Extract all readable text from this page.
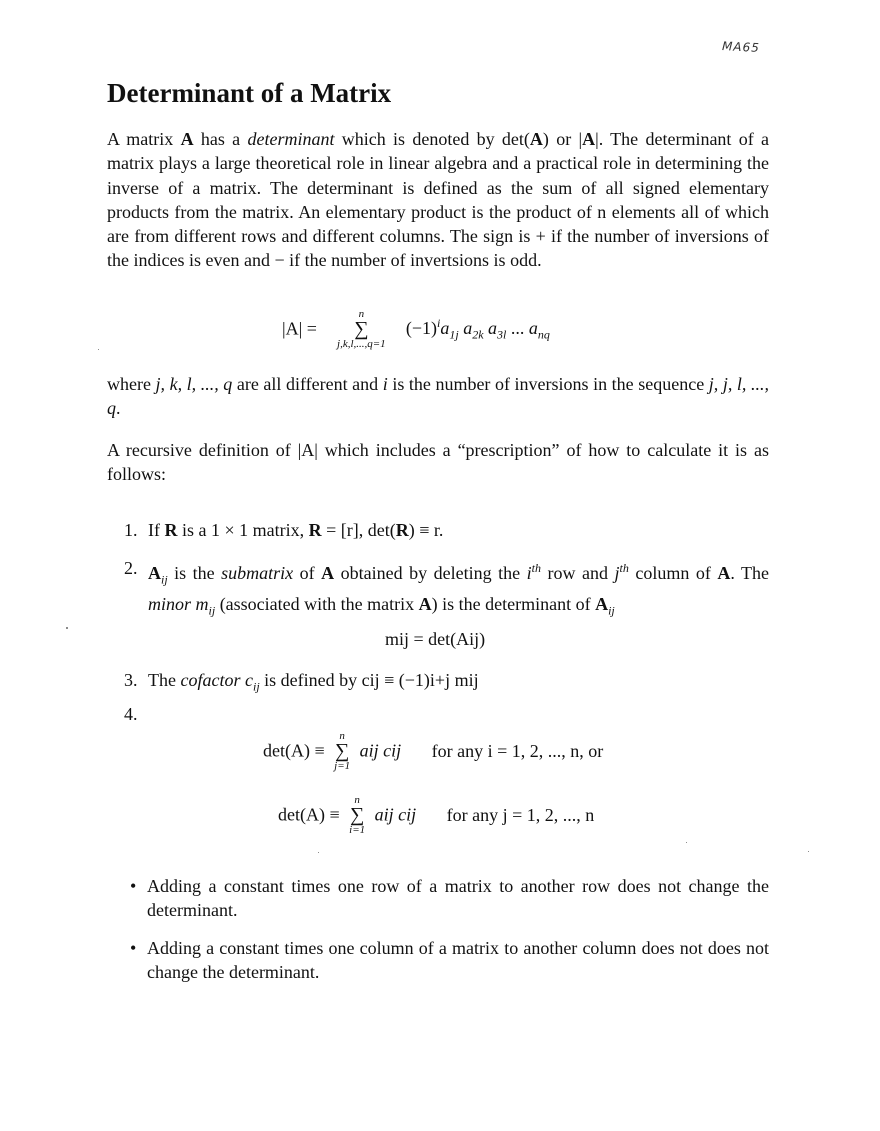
MA65
Determinant of a Matrix

A matrix A has a determinant which is denoted by det(A) or |A|. The determinant of a matrix plays a large theoretical role in linear algebra and a practical role in determining the inverse of a matrix. The determinant is defined as the sum of all signed elementary products from the matrix. An elementary product is the product of n elements all of which are from different rows and different columns. The sign is + if the number of inversions of the indices is even and − if the number of invertsions is odd.

|A| =
n
∑
j,k,l,...,q=1
$(-1)^ia_{1j}$ $a_{2k}$ $a_{3l}$ ... $a_{nq}$

where j, k, l, ..., q are all different and i is the number of inversions in the sequence j, j, l, ..., q.

A recursive definition of |A| which includes a “prescription” of how to calculate it is as follows:

1. If R is a 1 × 1 matrix, R = [r], det(R) ≡ r.
2. $A_{ij}$ is the submatrix of A obtained by deleting the $i^{th}$ row and $j^{th}$ column of A. The minor $m_{ij}$ (associated with the matrix A) is the determinant of $A_{ij}$
mij = det(Aij)
3. The cofactor $c_{ij}$ is defined by cij ≡ (−1)i+j mij
4.
det(A) ≡
n
∑
j=1
aij cij for any i = 1, 2, ..., n, or
det(A) ≡
n
∑
i=1
aij cij for any j = 1, 2, ..., n
• Adding a constant times one row of a matrix to another row does not change the determinant.
• Adding a constant times one column of a matrix to another column does not does not change the determinant.
